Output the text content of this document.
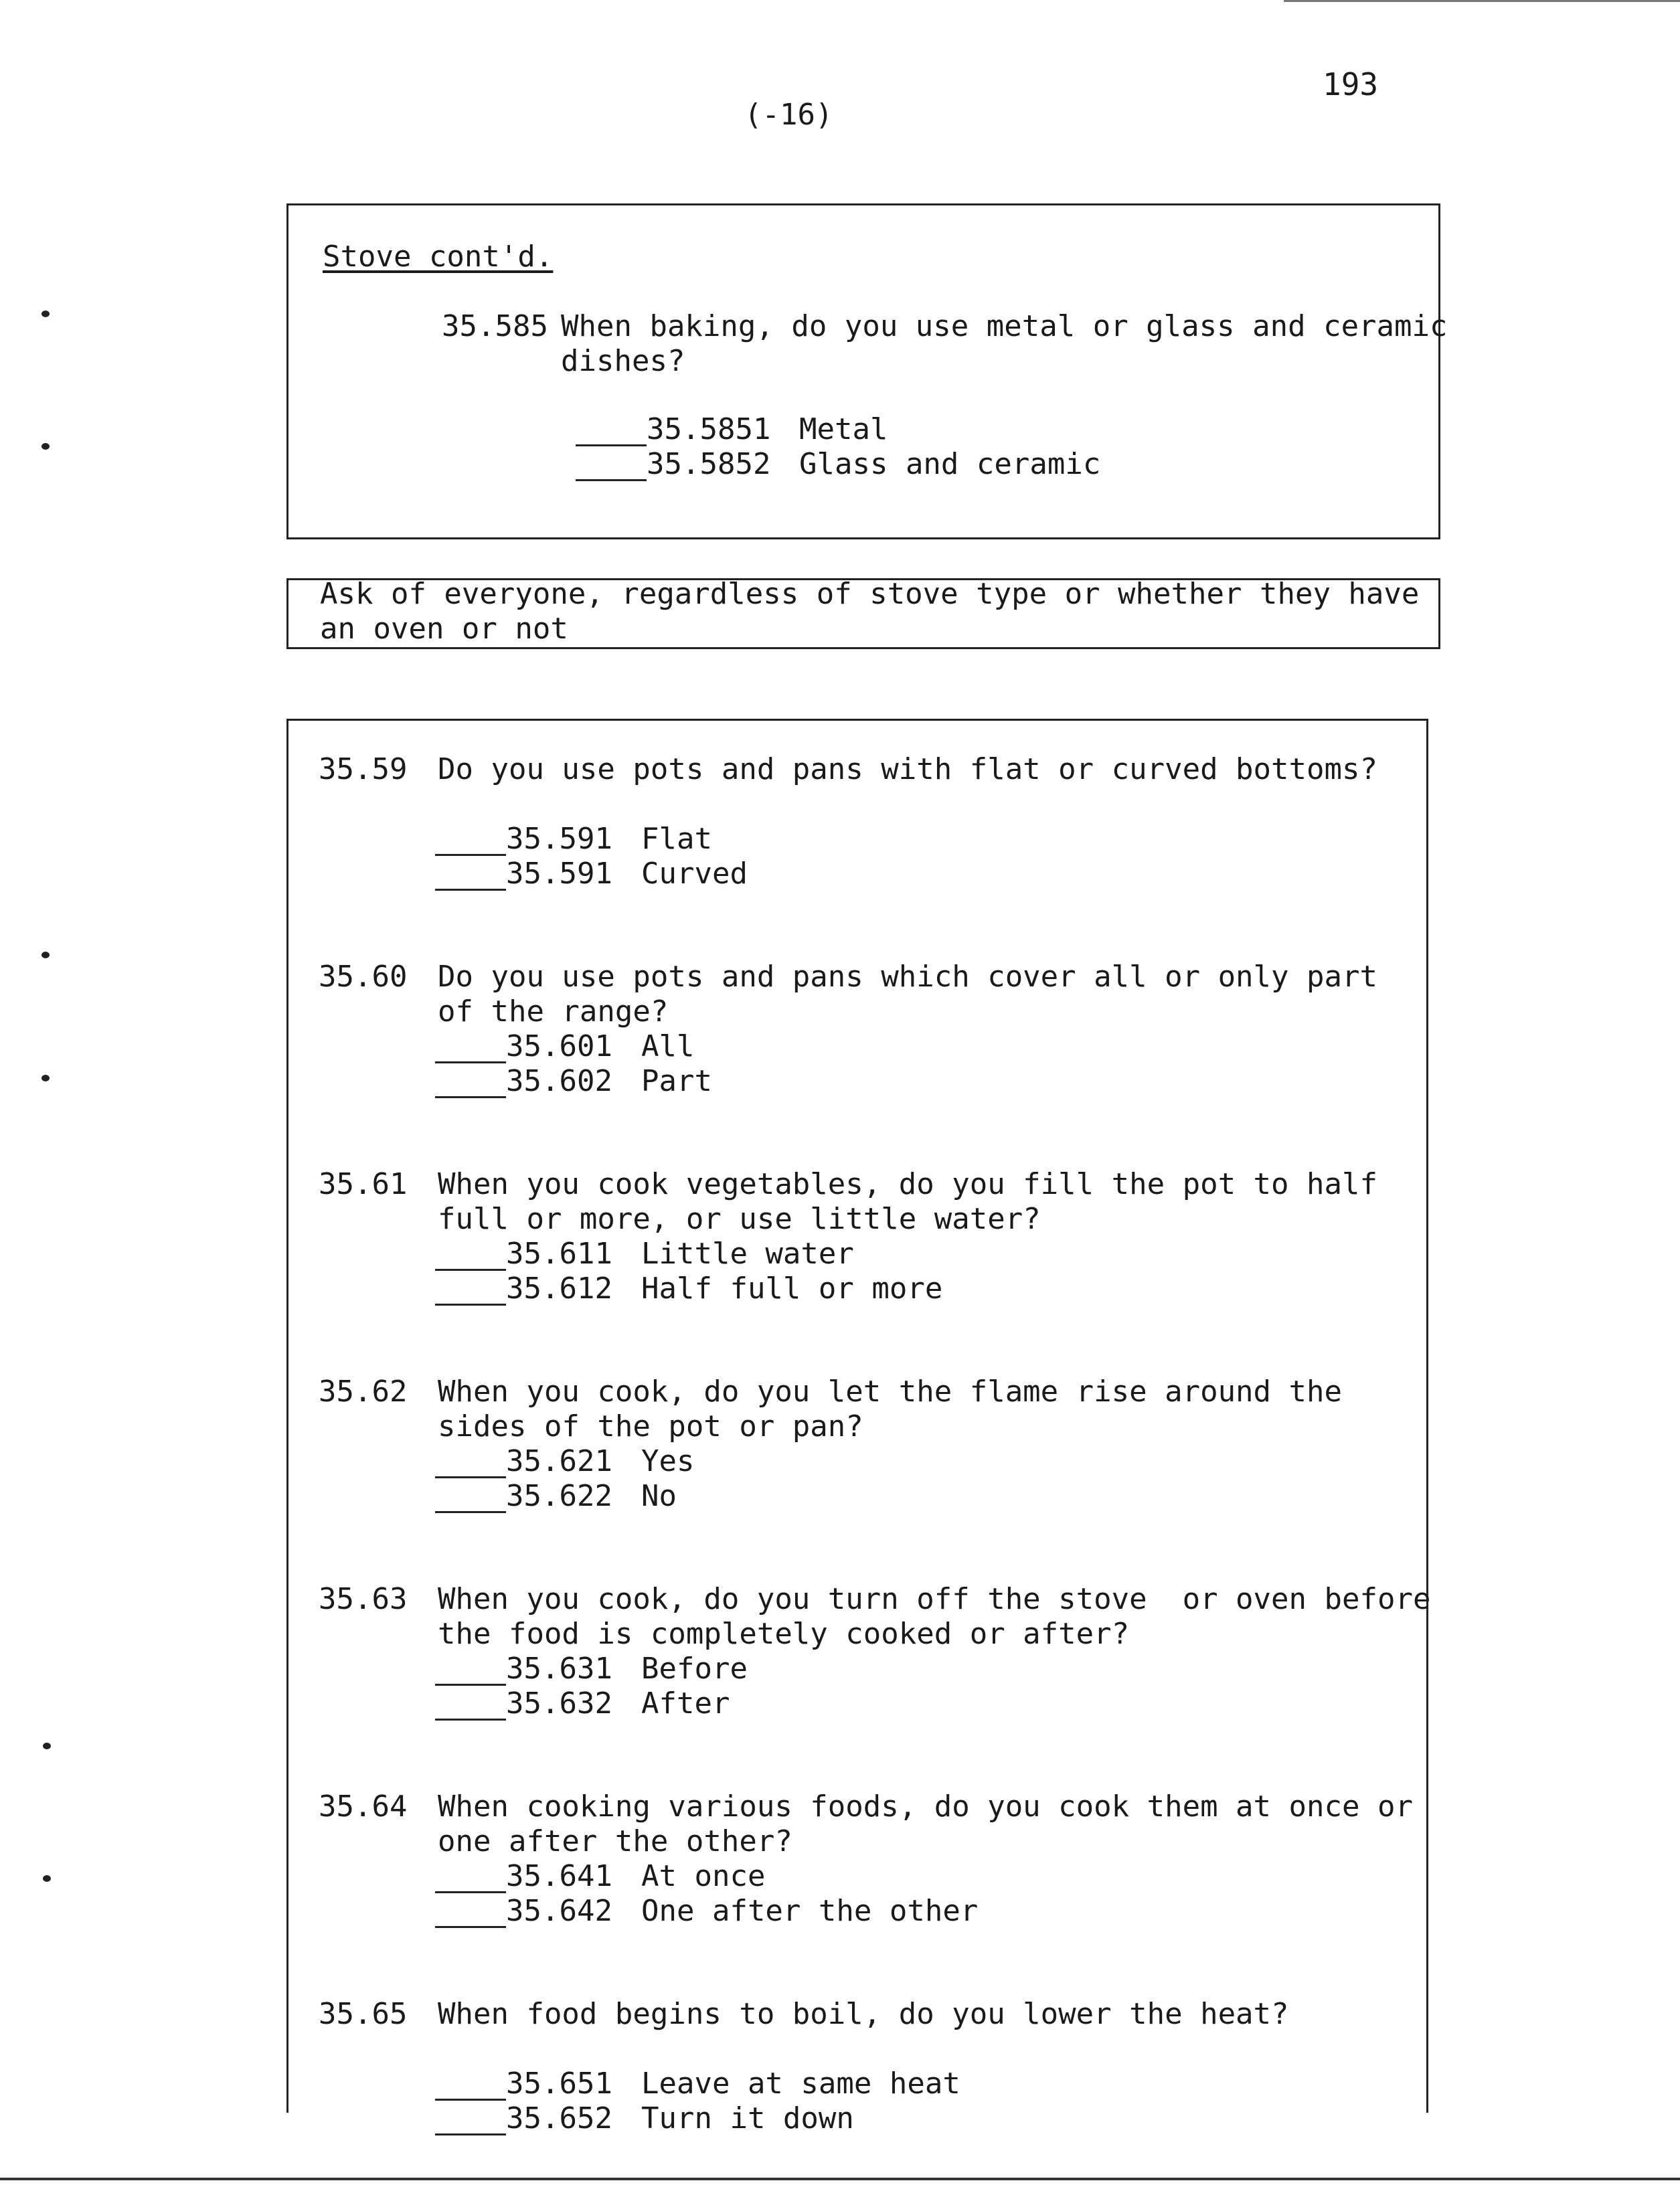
193
(-16)
Stove cont'd.
35.585 When baking, do you use metal or glass and ceramic
dishes?
35.5851 Metal
35.5852 Glass and ceramic
Ask of everyone, regardless of stove type or whether they have
an oven or not
35.59 Do you use pots and pans with flat or curved bottoms?
35.591 Flat
35.591 Curved
35.60 Do you use pots and pans which cover all or only part
of the range?
35.601 All
35.602 Part
35.61 When you cook vegetables, do you fill the pot to half
full or more, or use little water?
35.611 Little water
35.612 Half full or more
35.62 When you cook, do you let the flame rise around the
sides of the pot or pan?
35.621 Yes
35.622 No
35.63 When you cook, do you turn off the stove  or oven before
the food is completely cooked or after?
35.631 Before
35.632 After
35.64 When cooking various foods, do you cook them at once or
one after the other?
35.641 At once
35.642 One after the other
35.65 When food begins to boil, do you lower the heat?
35.651 Leave at same heat
35.652 Turn it down
